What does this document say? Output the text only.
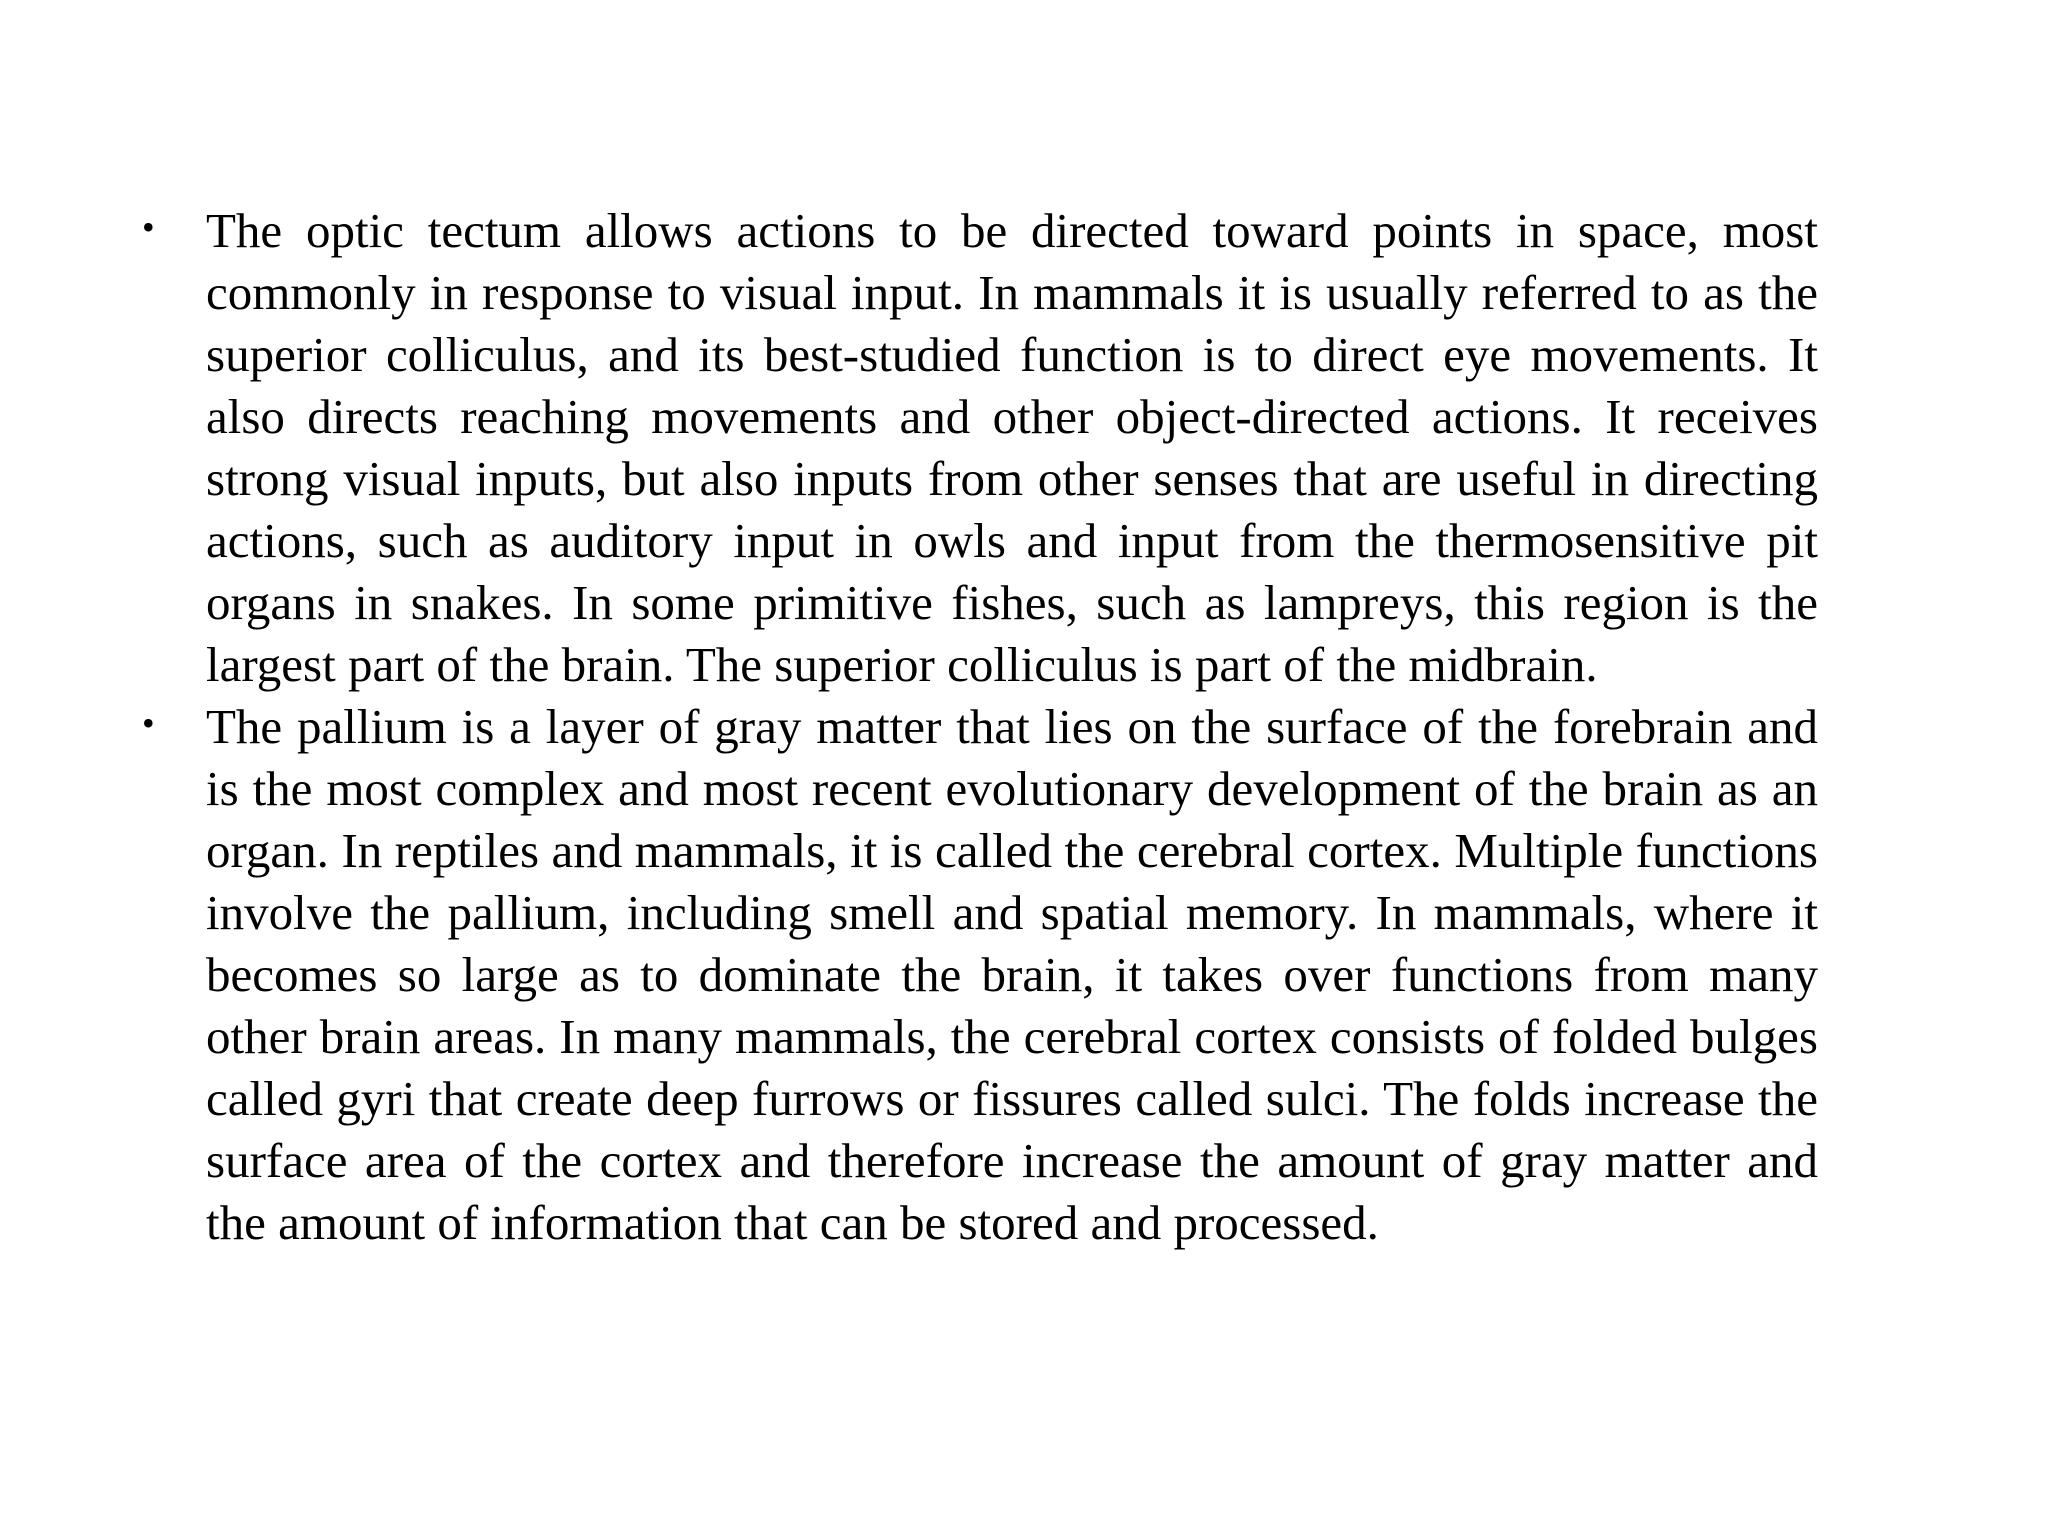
•	The optic tectum allows actions to be directed toward points in space, most commonly in response to visual input. In mammals it is usually referred to as the superior colliculus, and its best-studied function is to direct eye movements. It also directs reaching movements and other object-directed actions. It receives strong visual inputs, but also inputs from other senses that are useful in directing actions, such as auditory input in owls and input from the thermosensitive pit organs in snakes. In some primitive fishes, such as lampreys, this region is the largest part of the brain. The superior colliculus is part of the midbrain.

•	The pallium is a layer of gray matter that lies on the surface of the forebrain and is the most complex and most recent evolutionary development of the brain as an organ. In reptiles and mammals, it is called the cerebral cortex. Multiple functions involve the pallium, including smell and spatial memory. In mammals, where it becomes so large as to dominate the brain, it takes over functions from many other brain areas. In many mammals, the cerebral cortex consists of folded bulges called gyri that create deep furrows or fissures called sulci. The folds increase the surface area of the cortex and therefore increase the amount of gray matter and the amount of information that can be stored and processed.
